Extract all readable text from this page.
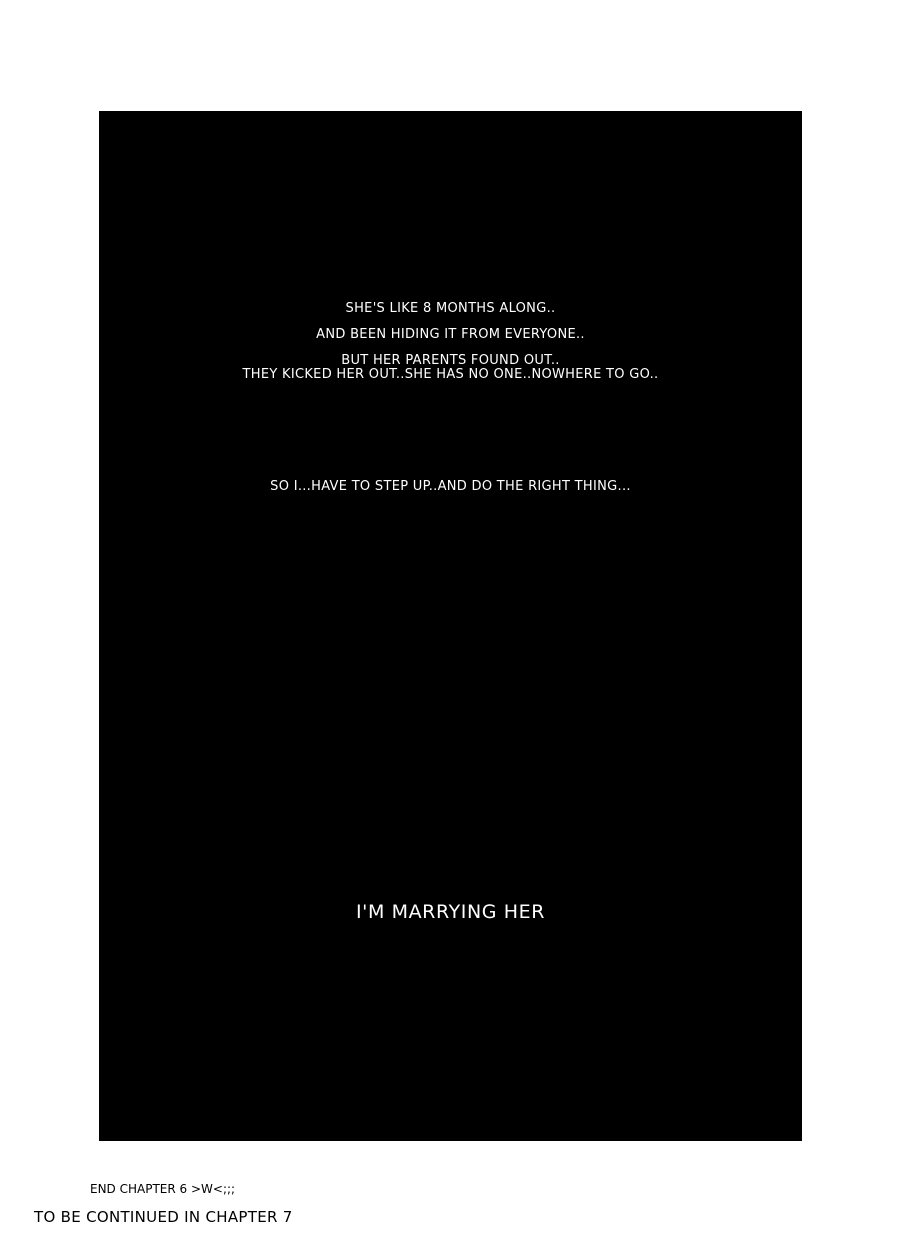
SHE'S LIKE 8 MONTHS ALONG..
AND BEEN HIDING IT FROM EVERYONE..
BUT HER PARENTS FOUND OUT..
THEY KICKED HER OUT..SHE HAS NO ONE..NOWHERE TO GO..
SO I...HAVE TO STEP UP..AND DO THE RIGHT THING...
I'M MARRYING HER
END CHAPTER 6 >W<;;;
TO BE CONTINUED IN CHAPTER 7
